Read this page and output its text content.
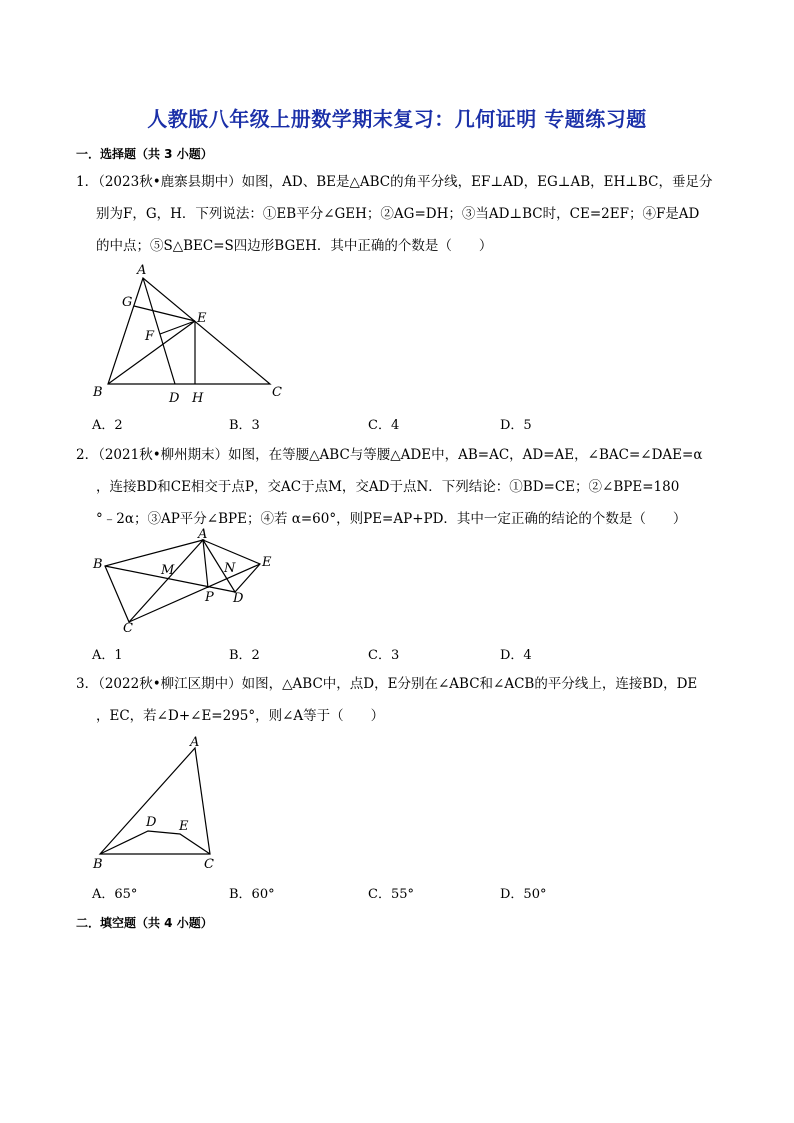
人教版八年级上册数学期末复习：几何证明 专题练习题
一．选择题（共 3 小题）
1．（2023秋•鹿寨县期中）如图，AD、BE是△ABC的角平分线，EF⊥AD，EG⊥AB，EH⊥BC，垂足分
别为F，G，H．下列说法：①EB平分∠GEH；②AG=DH；③当AD⊥BC时，CE=2EF；④F是AD
的中点；⑤S△BEC=S四边形BGEH．其中正确的个数是（　　）
A
G
F
E
B	D H	C
A．2	B．3	C．4	D．5
2．（2021秋•柳州期末）如图，在等腰△ABC与等腰△ADE中，AB=AC，AD=AE，∠BAC=∠DAE=α
，连接BD和CE相交于点P，交AC于点M，交AD于点N．下列结论：①BD=CE；②∠BPE=180
°﹣2α；③AP平分∠BPE；④若 α=60°，则PE=AP+PD．其中一定正确的结论的个数是（　　）
A
B	M	N E
P D
C
A．1	B．2	C．3	D．4
3．（2022秋•柳江区期中）如图，△ABC中，点D，E分别在∠ABC和∠ACB的平分线上，连接BD，DE
，EC，若∠D+∠E=295°，则∠A等于（　　）
A
D E
B	C
A．65°	B．60°	C．55°	D．50°
二．填空题（共 4 小题）
